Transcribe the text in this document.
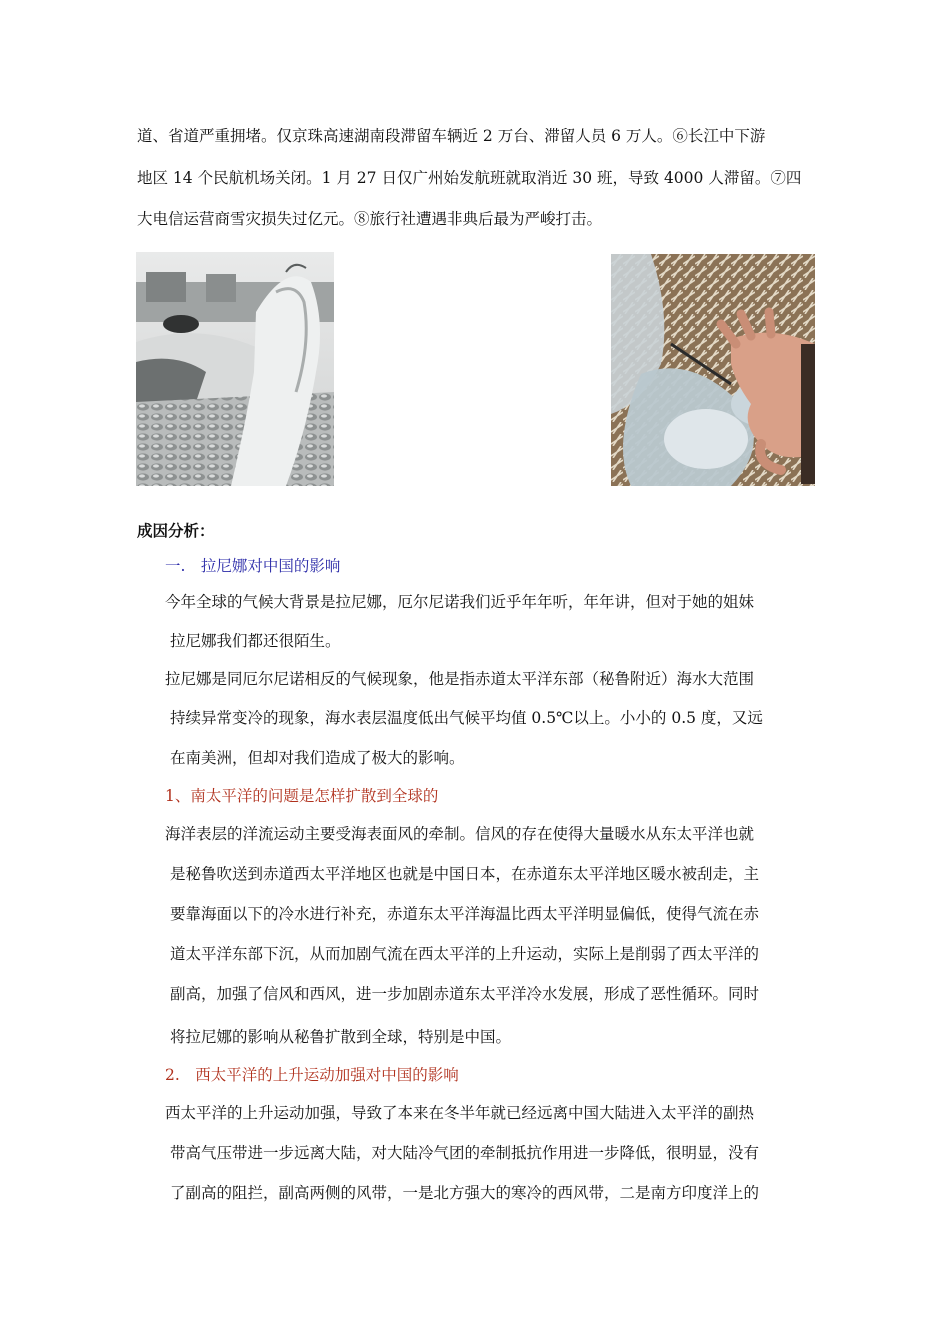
道、省道严重拥堵。仅京珠高速湖南段滞留车辆近 2 万台、滞留人员 6 万人。⑥长江中下游
地区 14 个民航机场关闭。1 月 27 日仅广州始发航班就取消近 30 班，导致 4000 人滞留。⑦四
大电信运营商雪灾损失过亿元。⑧旅行社遭遇非典后最为严峻打击。
成因分析：
一.　拉尼娜对中国的影响
今年全球的气候大背景是拉尼娜，厄尔尼诺我们近乎年年听，年年讲，但对于她的姐妹
拉尼娜我们都还很陌生。
拉尼娜是同厄尔尼诺相反的气候现象，他是指赤道太平洋东部（秘鲁附近）海水大范围
持续异常变冷的现象，海水表层温度低出气候平均值 0.5℃以上。小小的 0.5 度，又远
在南美洲，但却对我们造成了极大的影响。
1、南太平洋的问题是怎样扩散到全球的
海洋表层的洋流运动主要受海表面风的牵制。信风的存在使得大量暖水从东太平洋也就
是秘鲁吹送到赤道西太平洋地区也就是中国日本，在赤道东太平洋地区暖水被刮走，主
要靠海面以下的冷水进行补充，赤道东太平洋海温比西太平洋明显偏低，使得气流在赤
道太平洋东部下沉，从而加剧气流在西太平洋的上升运动，实际上是削弱了西太平洋的
副高，加强了信风和西风，进一步加剧赤道东太平洋冷水发展，形成了恶性循环。同时
将拉尼娜的影响从秘鲁扩散到全球，特别是中国。
2.　西太平洋的上升运动加强对中国的影响
西太平洋的上升运动加强，导致了本来在冬半年就已经远离中国大陆进入太平洋的副热
带高气压带进一步远离大陆，对大陆冷气团的牵制抵抗作用进一步降低，很明显，没有
了副高的阻拦，副高两侧的风带，一是北方强大的寒冷的西风带，二是南方印度洋上的
